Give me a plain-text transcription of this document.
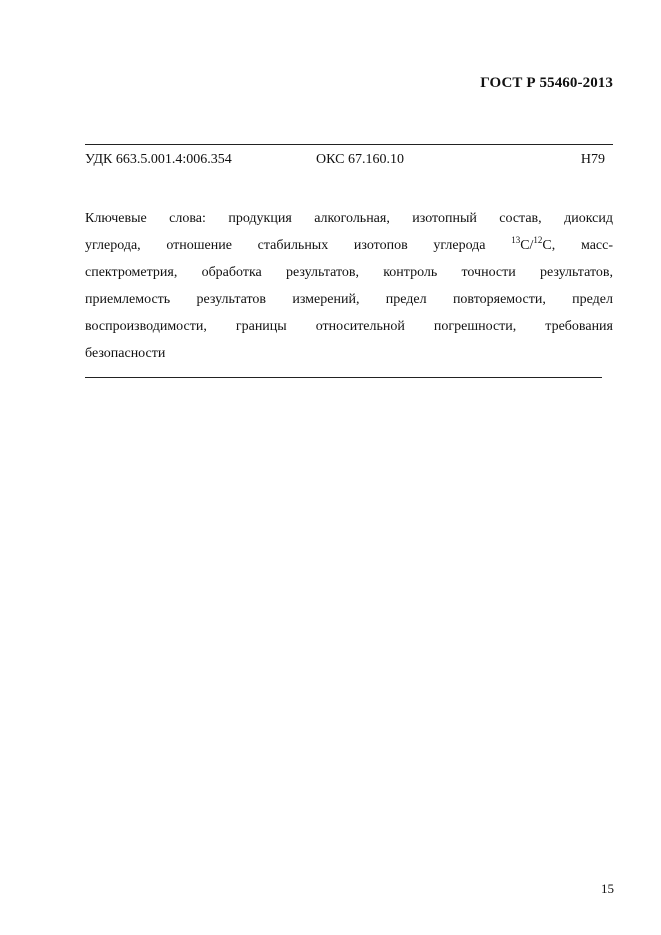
ГОСТ Р 55460-2013
УДК 663.5.001.4:006.354	ОКС 67.160.10	Н79
Ключевые слова: продукция алкогольная, изотопный состав, диоксид
углерода, отношение стабильных изотопов углерода	$^{13}$C/$^{12}$C, масс-
спектрометрия, обработка результатов, контроль точности результатов,
приемлемость результатов измерений, предел повторяемости, предел
воспроизводимости, границы относительной погрешности, требования
безопасности
15
